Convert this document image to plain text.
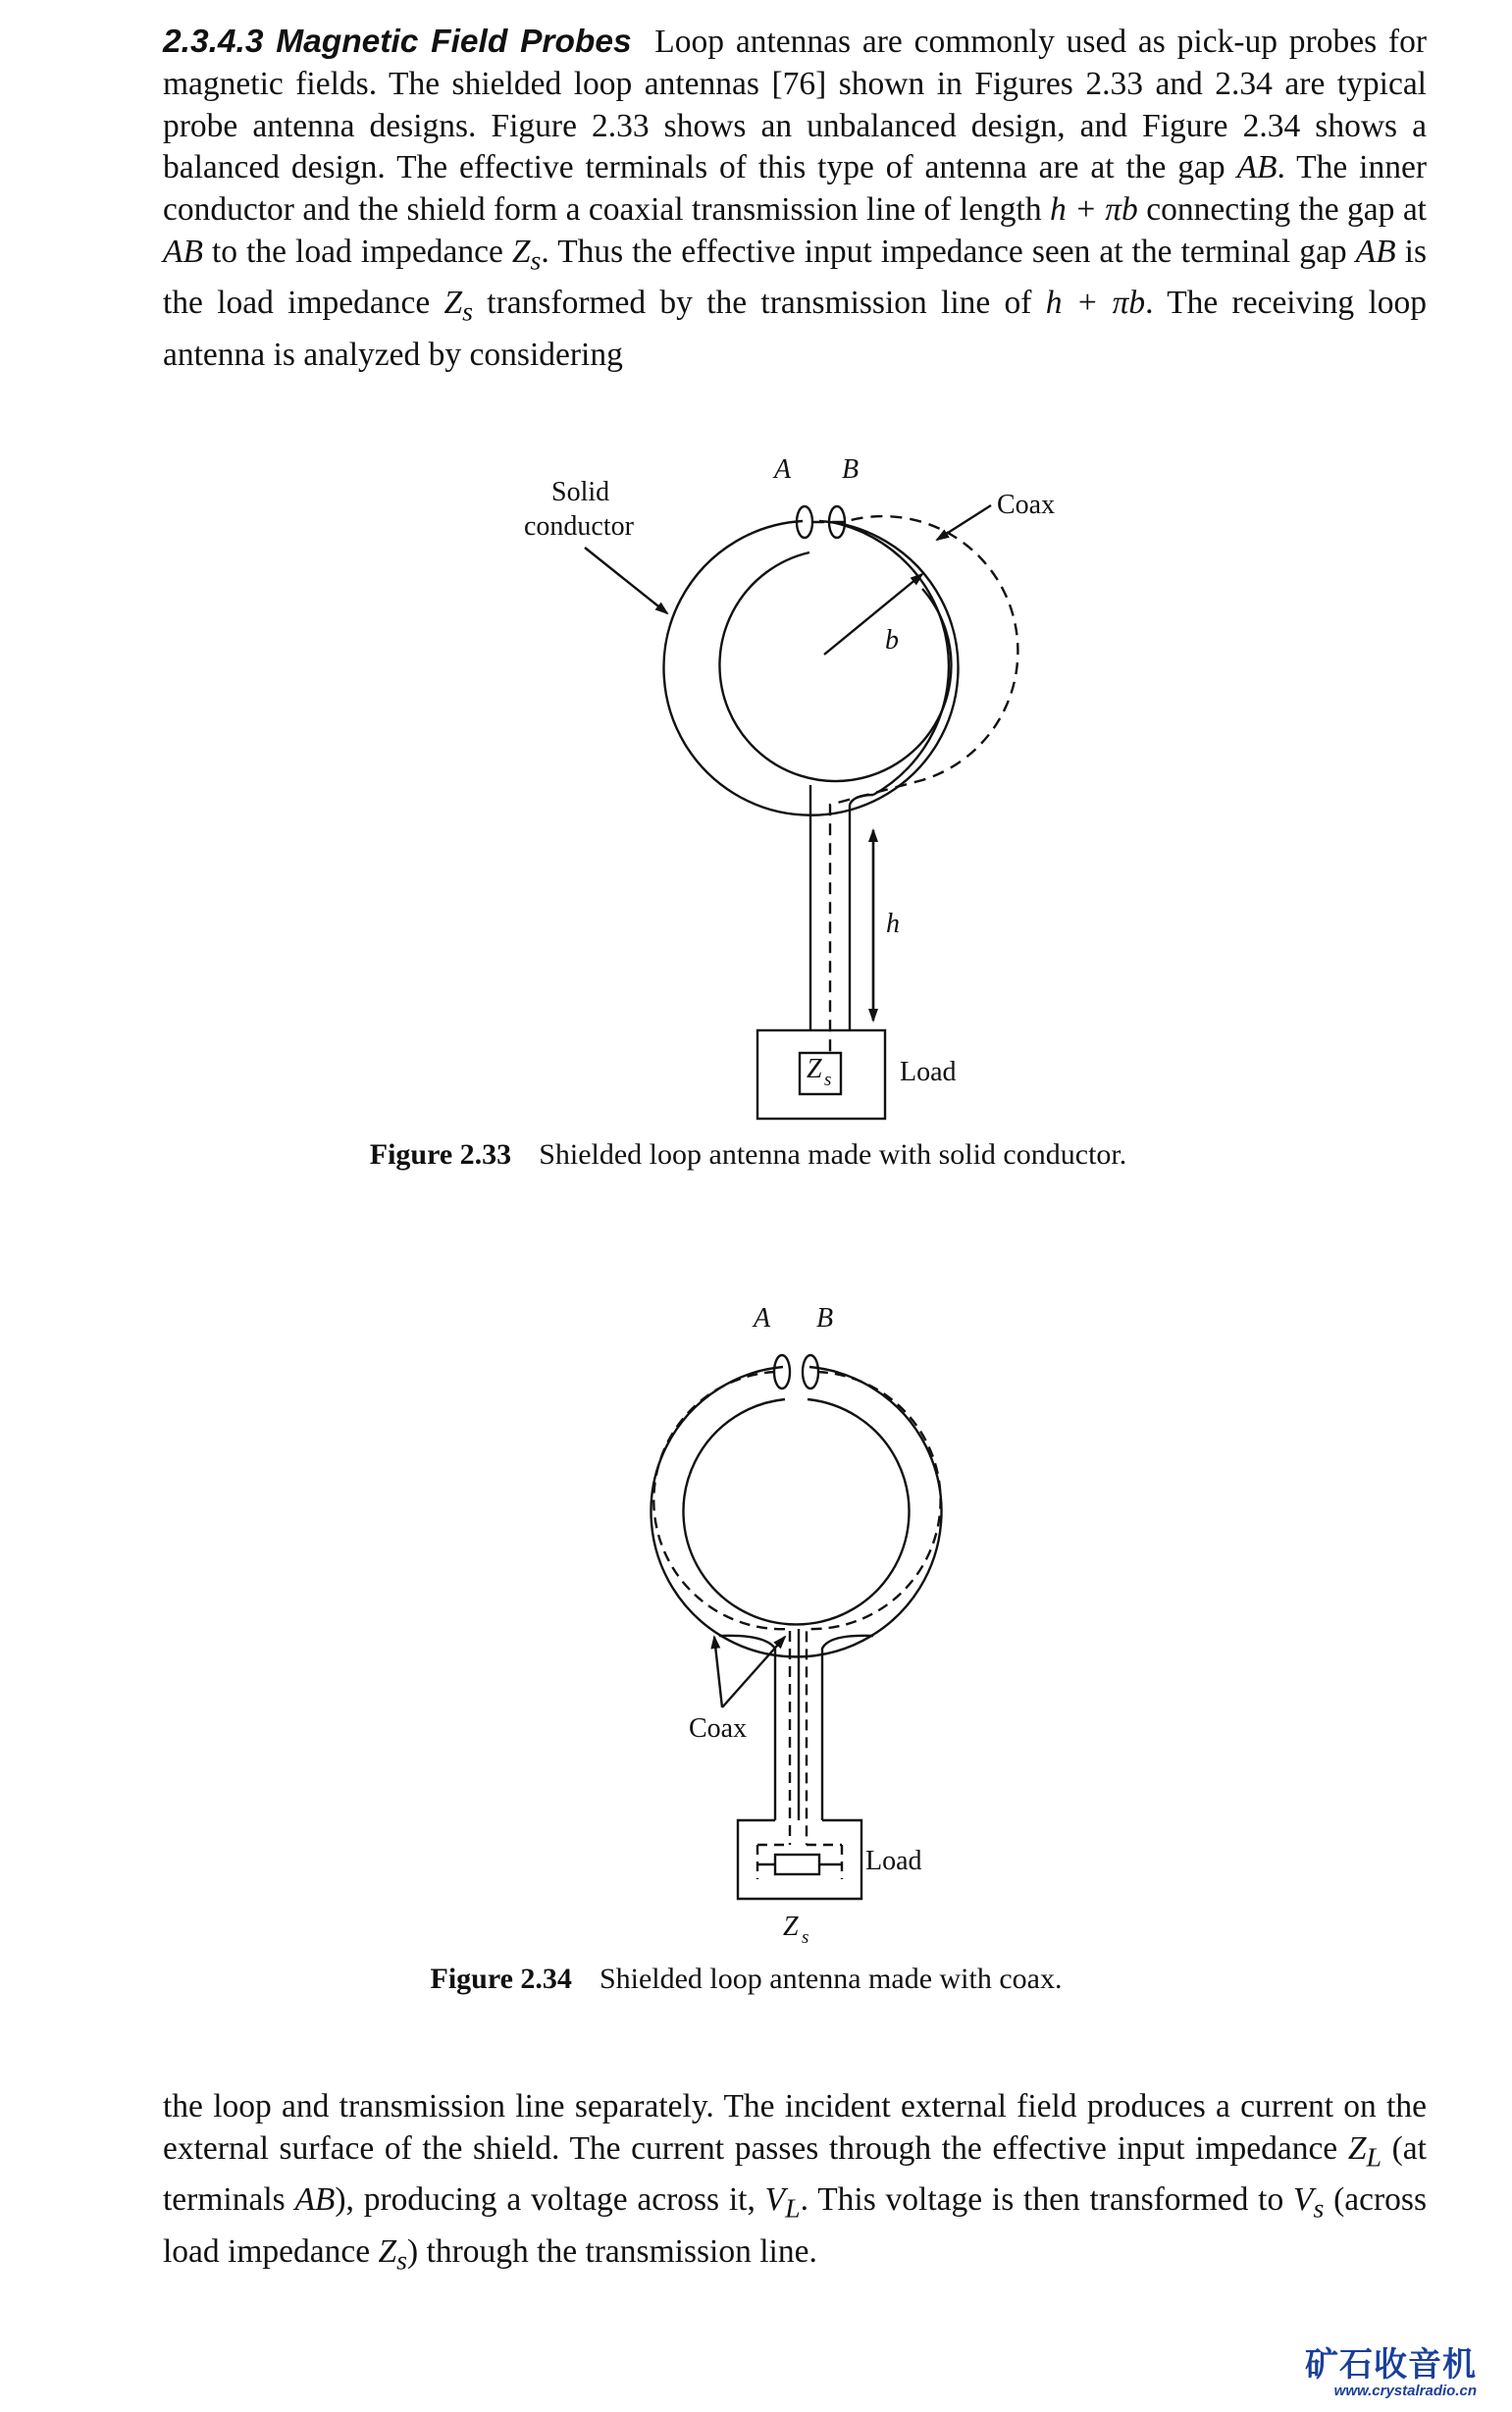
2.3.4.3 Magnetic Field Probes Loop antennas are commonly used as pick-up probes for magnetic fields. The shielded loop antennas [76] shown in Figures 2.33 and 2.34 are typical probe antenna designs. Figure 2.33 shows an unbalanced design, and Figure 2.34 shows a balanced design. The effective terminals of this type of antenna are at the gap AB. The inner conductor and the shield form a coaxial transmission line of length h + πb connecting the gap at AB to the load impedance $Z_s$. Thus the effective input impedance seen at the terminal gap AB is the load impedance $Z_s$ transformed by the transmission line of h + πb. The receiving loop antenna is analyzed by considering
A B
Solid
conductor
Coax
b
h
Z s Load
A B
Coax
Load
Z s
Figure 2.33 Shielded loop antenna made with solid conductor.
Figure 2.34 Shielded loop antenna made with coax.
the loop and transmission line separately. The incident external field produces a current on the external surface of the shield. The current passes through the effective input impedance $Z_L$ (at terminals AB), producing a voltage across it, $V_L$. This voltage is then transformed to $V_s$ (across load impedance $Z_s$) through the transmission line.
矿石收音机
www.crystalradio.cn
